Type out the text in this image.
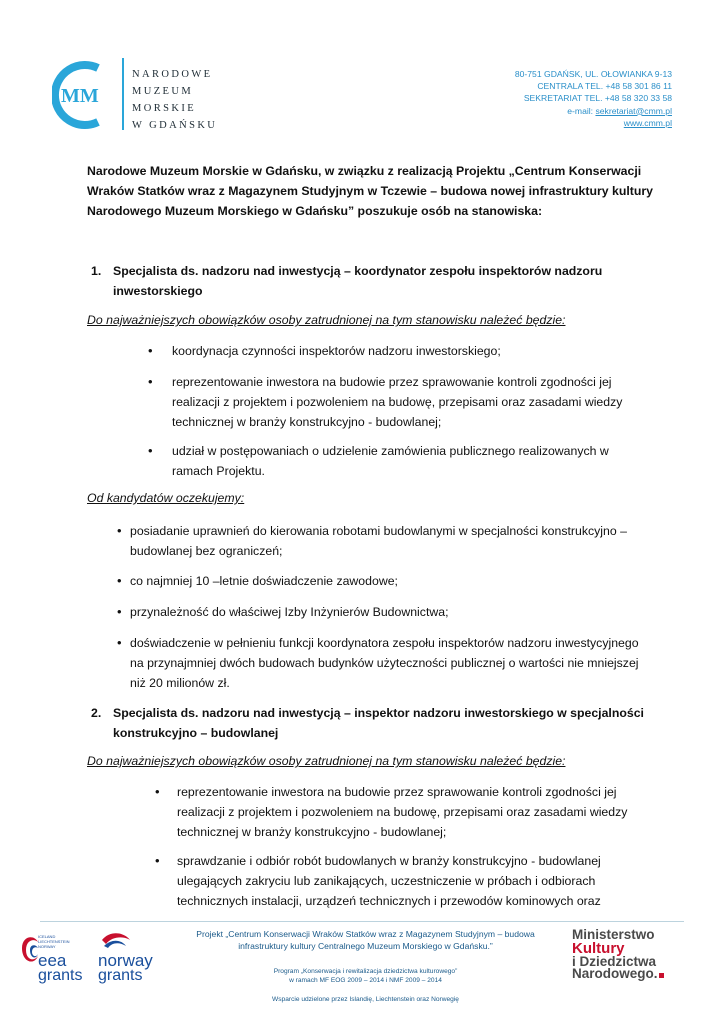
MM
NARODOWE
MUZEUM
MORSKIE
W GDAŃSKU
80-751 GDAŃSK, UL. OŁOWIANKA 9-13
CENTRALA TEL. +48 58 301 86 11
SEKRETARIAT TEL. +48 58 320 33 58
e-mail: sekretariat@cmm.pl
www.cmm.pl
Narodowe Muzeum Morskie w Gdańsku, w związku z realizacją Projektu „Centrum Konserwacji Wraków Statków wraz z Magazynem Studyjnym w Tczewie – budowa nowej infrastruktury kultury Narodowego Muzeum Morskiego w Gdańsku” poszukuje osób na stanowiska:
1. Specjalista ds. nadzoru nad inwestycją – koordynator zespołu inspektorów nadzoru inwestorskiego
Do najważniejszych obowiązków osoby zatrudnionej na tym stanowisku należeć będzie:
• koordynacja czynności inspektorów nadzoru inwestorskiego;
• reprezentowanie inwestora na budowie przez sprawowanie kontroli zgodności jej realizacji z projektem i pozwoleniem na budowę, przepisami oraz zasadami wiedzy technicznej w branży konstrukcyjno - budowlanej;
• udział w postępowaniach o udzielenie zamówienia publicznego realizowanych w ramach Projektu.
Od kandydatów oczekujemy:
• posiadanie uprawnień do kierowania robotami budowlanymi w specjalności konstrukcyjno – budowlanej bez ograniczeń;
• co najmniej 10 –letnie doświadczenie zawodowe;
• przynależność do właściwej Izby Inżynierów Budownictwa;
• doświadczenie w pełnieniu funkcji koordynatora zespołu inspektorów nadzoru inwestycyjnego na przynajmniej dwóch budowach budynków użyteczności publicznej o wartości nie mniejszej niż 20 milionów zł.
2. Specjalista ds. nadzoru nad inwestycją – inspektor nadzoru inwestorskiego w specjalności konstrukcyjno – budowlanej
Do najważniejszych obowiązków osoby zatrudnionej na tym stanowisku należeć będzie:
• reprezentowanie inwestora na budowie przez sprawowanie kontroli zgodności jej realizacji z projektem i pozwoleniem na budowę, przepisami oraz zasadami wiedzy technicznej w branży konstrukcyjno - budowlanej;
• sprawdzanie i odbiór robót budowlanych w branży konstrukcyjno - budowlanej ulegających zakryciu lub zanikających, uczestniczenie w próbach i odbiorach technicznych instalacji, urządzeń technicznych i przewodów kominowych oraz
ICELAND
LIECHTENSTEIN
NORWAY
eea
grants
norway
grants
Projekt „Centrum Konserwacji Wraków Statków wraz z Magazynem Studyjnym – budowa infrastruktury kultury Centralnego Muzeum Morskiego w Gdańsku.”
Program „Konserwacja i rewitalizacja dziedzictwa kulturowego”
w ramach MF EOG 2009 – 2014 i NMF 2009 – 2014
Wsparcie udzielone przez Islandię, Liechtenstein oraz Norwegię
Ministerstwo
Kultury
i Dziedzictwa
Narodowego.
